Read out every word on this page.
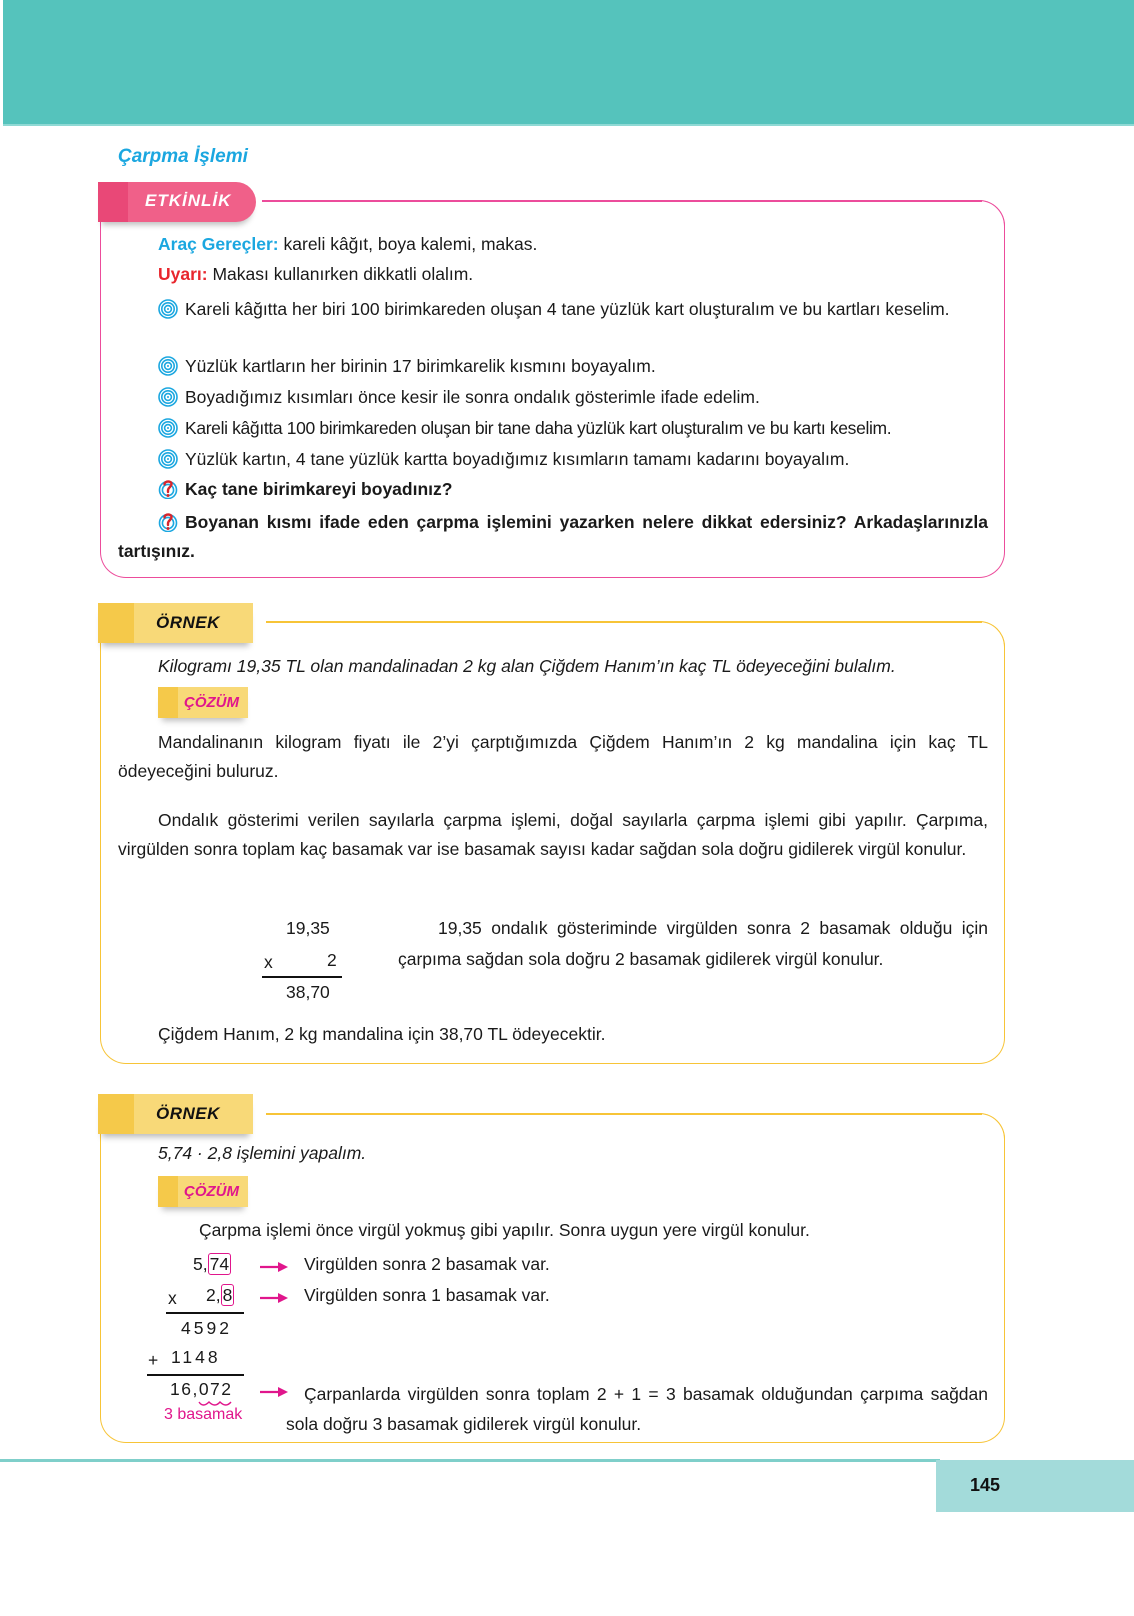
Çarpma İşlemi
ETKİNLİK
Araç Gereçler: kareli kâğıt, boya kalemi, makas.
Uyarı: Makası kullanırken dikkatli olalım.
Kareli kâğıtta her biri 100 birimkareden oluşan 4 tane yüzlük kart oluşturalım ve bu kartları keselim.
Yüzlük kartların her birinin 17 birimkarelik kısmını boyayalım.
Boyadığımız kısımları önce kesir ile sonra ondalık gösterimle ifade edelim.
Kareli kâğıtta 100 birimkareden oluşan bir tane daha yüzlük kart oluşturalım ve bu kartı keselim.
Yüzlük kartın, 4 tane yüzlük kartta boyadığımız kısımların tamamı kadarını boyayalım.
Kaç tane birimkareyi boyadınız?
Boyanan kısmı ifade eden çarpma işlemini yazarken nelere dikkat edersiniz? Arkadaşlarınızla tartışınız.
ÖRNEK
Kilogramı 19,35 TL olan mandalinadan 2 kg alan Çiğdem Hanım’ın kaç TL ödeyeceğini bulalım.
ÇÖZÜM
Mandalinanın kilogram fiyatı ile 2’yi çarptığımızda Çiğdem Hanım’ın 2 kg mandalina için kaç TL ödeyeceğini buluruz.
Ondalık gösterimi verilen sayılarla çarpma işlemi, doğal sayılarla çarpma işlemi gibi yapılır. Çarpıma, virgülden sonra toplam kaç basamak var ise basamak sayısı kadar sağdan sola doğru gidilerek virgül konulur.
19,35
x	2
38,70
19,35 ondalık gösteriminde virgülden sonra 2 basamak olduğu için çarpıma sağdan sola doğru 2 basamak gidilerek virgül konulur.
Çiğdem Hanım, 2 kg mandalina için 38,70 TL ödeyecektir.
ÖRNEK
5,74 · 2,8 işlemini yapalım.
ÇÖZÜM
Çarpma işlemi önce virgül yokmuş gibi yapılır. Sonra uygun yere virgül konulur.
5, 74
x 2, 8
4592
+ 1148
16,072
3 basamak
Virgülden sonra 2 basamak var.
Virgülden sonra 1 basamak var.
Çarpanlarda virgülden sonra toplam 2 + 1 = 3 basamak olduğundan çarpıma sağdan sola doğru 3 basamak gidilerek virgül konulur.
145
